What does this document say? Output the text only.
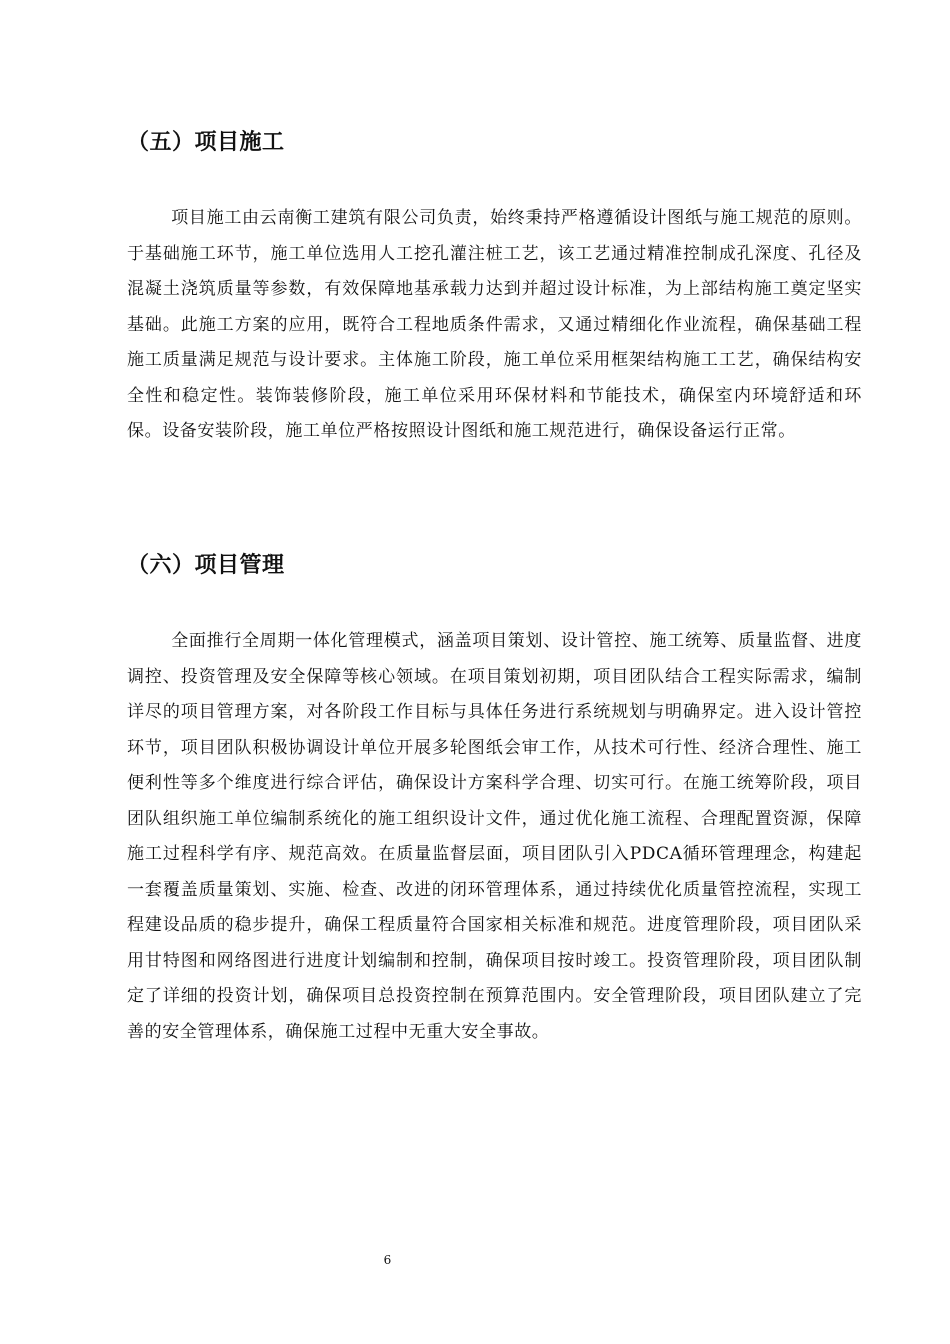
（五）项目施工

项目施工由云南衡工建筑有限公司负责，始终秉持严格遵循设计图纸与施工规范的原则。于基础施工环节，施工单位选用人工挖孔灌注桩工艺，该工艺通过精准控制成孔深度、孔径及混凝土浇筑质量等参数，有效保障地基承载力达到并超过设计标准，为上部结构施工奠定坚实基础。此施工方案的应用，既符合工程地质条件需求，又通过精细化作业流程，确保基础工程施工质量满足规范与设计要求。主体施工阶段，施工单位采用框架结构施工工艺，确保结构安全性和稳定性。装饰装修阶段，施工单位采用环保材料和节能技术，确保室内环境舒适和环保。设备安装阶段，施工单位严格按照设计图纸和施工规范进行，确保设备运行正常。

（六）项目管理

全面推行全周期一体化管理模式，涵盖项目策划、设计管控、施工统筹、质量监督、进度调控、投资管理及安全保障等核心领域。在项目策划初期，项目团队结合工程实际需求，编制详尽的项目管理方案，对各阶段工作目标与具体任务进行系统规划与明确界定。进入设计管控环节，项目团队积极协调设计单位开展多轮图纸会审工作，从技术可行性、经济合理性、施工便利性等多个维度进行综合评估，确保设计方案科学合理、切实可行。在施工统筹阶段，项目团队组织施工单位编制系统化的施工组织设计文件，通过优化施工流程、合理配置资源，保障施工过程科学有序、规范高效。在质量监督层面，项目团队引入PDCA循环管理理念，构建起一套覆盖质量策划、实施、检查、改进的闭环管理体系，通过持续优化质量管控流程，实现工程建设品质的稳步提升，确保工程质量符合国家相关标准和规范。进度管理阶段，项目团队采用甘特图和网络图进行进度计划编制和控制，确保项目按时竣工。投资管理阶段，项目团队制定了详细的投资计划，确保项目总投资控制在预算范围内。安全管理阶段，项目团队建立了完善的安全管理体系，确保施工过程中无重大安全事故。

6
